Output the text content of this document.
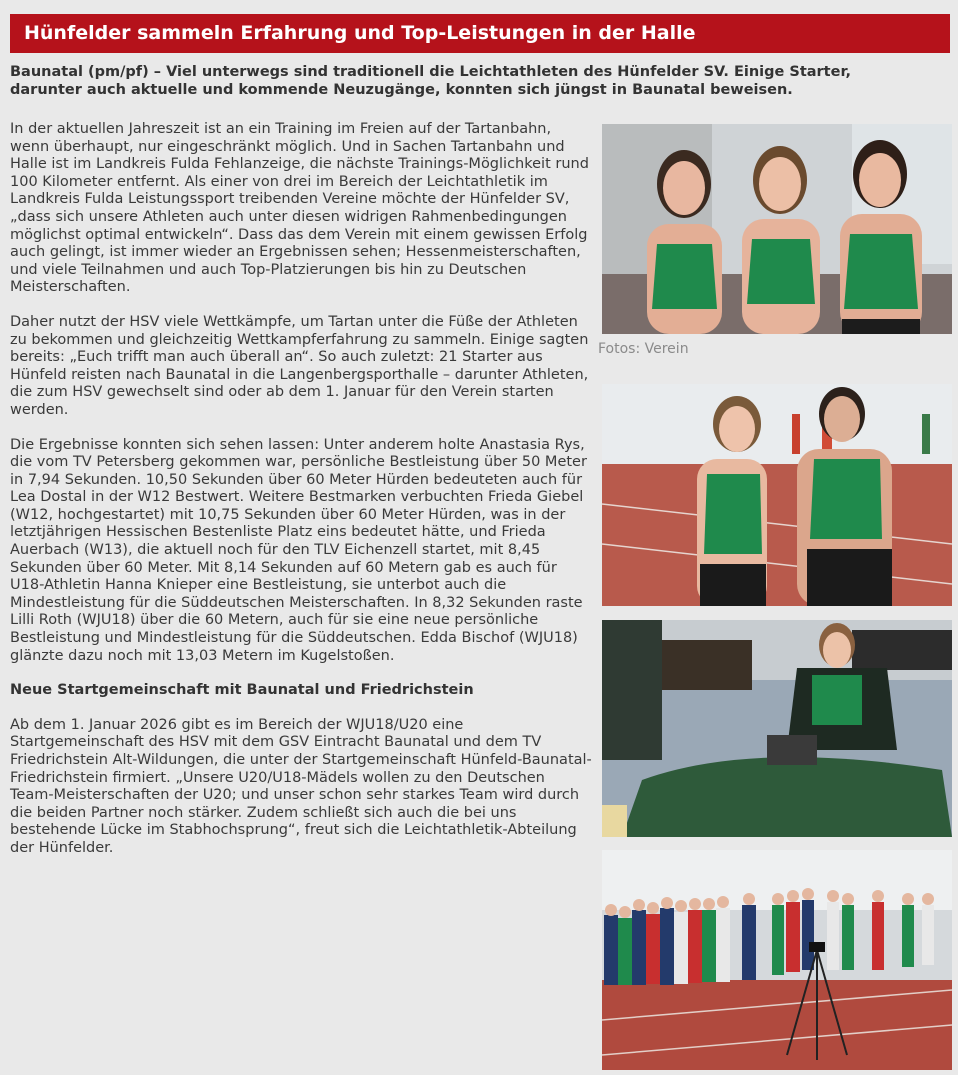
Hünfelder sammeln Erfahrung und Top-Leistungen in der Halle

Baunatal (pm/pf) – Viel unterwegs sind traditionell die Leichtathleten des Hünfelder SV. Einige Starter, darunter auch aktuelle und kommende Neuzugänge, konnten sich jüngst in Baunatal beweisen.

In der aktuellen Jahreszeit ist an ein Training im Freien auf der Tartanbahn, wenn überhaupt, nur eingeschränkt möglich. Und in Sachen Tartanbahn und Halle ist im Landkreis Fulda Fehlanzeige, die nächste Trainings-Möglichkeit rund 100 Kilometer entfernt. Als einer von drei im Bereich der Leichtathletik im Landkreis Fulda Leistungssport treibenden Vereine möchte der Hünfelder SV, „dass sich unsere Athleten auch unter diesen widrigen Rahmenbedingungen möglichst optimal entwickeln“. Dass das dem Verein mit einem gewissen Erfolg auch gelingt, ist immer wieder an Ergebnissen sehen; Hessenmeisterschaften, und viele Teilnahmen und auch Top-Platzierungen bis hin zu Deutschen Meisterschaften.

Daher nutzt der HSV viele Wettkämpfe, um Tartan unter die Füße der Athleten zu bekommen und gleichzeitig Wettkampferfahrung zu sammeln. Einige sagten bereits: „Euch trifft man auch überall an“. So auch zuletzt: 21 Starter aus Hünfeld reisten nach Baunatal in die Langenbergsporthalle – darunter Athleten, die zum HSV gewechselt sind oder ab dem 1. Januar für den Verein starten werden.

Die Ergebnisse konnten sich sehen lassen: Unter anderem holte Anastasia Rys, die vom TV Petersberg gekommen war, persönliche Bestleistung über 50 Meter in 7,94 Sekunden. 10,50 Sekunden über 60 Meter Hürden bedeuteten auch für Lea Dostal in der W12 Bestwert. Weitere Bestmarken verbuchten Frieda Giebel (W12, hochgestartet) mit 10,75 Sekunden über 60 Meter Hürden, was in der letztjährigen Hessischen Bestenliste Platz eins bedeutet hätte, und Frieda Auerbach (W13), die aktuell noch für den TLV Eichenzell startet, mit 8,45 Sekunden über 60 Meter. Mit 8,14 Sekunden auf 60 Metern gab es auch für U18-Athletin Hanna Knieper eine Bestleistung, sie unterbot auch die Mindestleistung für die Süddeutschen Meisterschaften. In 8,32 Sekunden raste Lilli Roth (WJU18) über die 60 Metern, auch für sie eine neue persönliche Bestleistung und Mindestleistung für die Süddeutschen. Edda Bischof (WJU18) glänzte dazu noch mit 13,03 Metern im Kugelstoßen.

Neue Startgemeinschaft mit Baunatal und Friedrichstein

Ab dem 1. Januar 2026 gibt es im Bereich der WJU18/U20 eine Startgemeinschaft des HSV mit dem GSV Eintracht Baunatal und dem TV Friedrichstein Alt-Wildungen, die unter der Startgemeinschaft Hünfeld-Baunatal-Friedrichstein firmiert. „Unsere U20/U18-Mädels wollen zu den Deutschen Team-Meisterschaften der U20; und unser schon sehr starkes Team wird durch die beiden Partner noch stärker. Zudem schließt sich auch die bei uns bestehende Lücke im Stabhochsprung“, freut sich die Leichtathletik-Abteilung der Hünfelder.

Fotos: Verein
